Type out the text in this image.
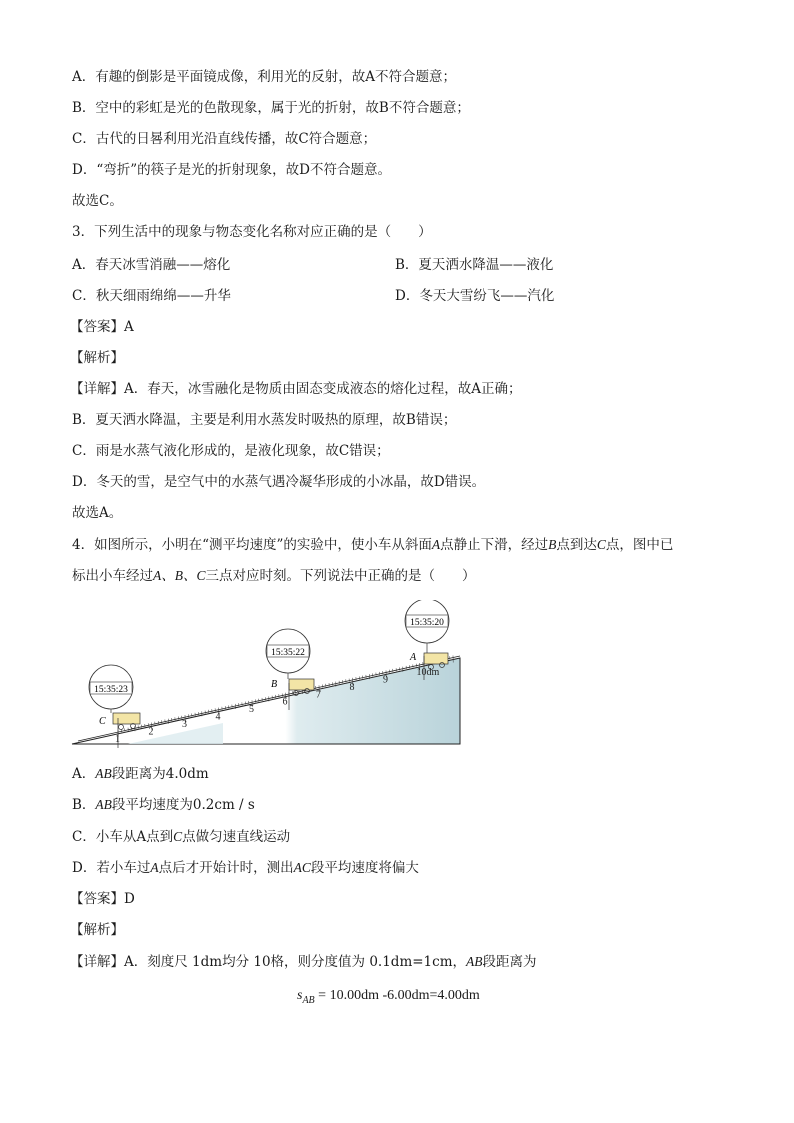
A．有趣的倒影是平面镜成像，利用光的反射，故A不符合题意；
B．空中的彩虹是光的色散现象，属于光的折射，故B不符合题意；
C．古代的日晷利用光沿直线传播，故C符合题意；
D．“弯折”的筷子是光的折射现象，故D不符合题意。
故选C。
3．下列生活中的现象与物态变化名称对应正确的是（　　）
A．春天冰雪消融——熔化	B．夏天洒水降温——液化
C．秋天细雨绵绵——升华	D．冬天大雪纷飞——汽化
【答案】A
【解析】
【详解】A．春天，冰雪融化是物质由固态变成液态的熔化过程，故A正确；
B．夏天洒水降温，主要是利用水蒸发时吸热的原理，故B错误；
C．雨是水蒸气液化形成的，是液化现象，故C错误；
D．冬天的雪，是空气中的水蒸气遇冷凝华形成的小冰晶，故D错误。
故选A。
4．如图所示，小明在“测平均速度”的实验中，使小车从斜面A点静止下滑，经过B点到达C点，图中已
标出小车经过A、B、C三点对应时刻。下列说法中正确的是（　　）
1
2
3
4
5
6
7
8
9
10dm
C
15:35:23	B
15:35:22	A
15:35:20
A．AB段距离为4.0dm
B．AB段平均速度为0.2cm / s
C．小车从A点到C点做匀速直线运动
D．若小车过A点后才开始计时，测出AC段平均速度将偏大
【答案】D
【解析】
【详解】A．刻度尺 1dm均分 10格，则分度值为 0.1dm=1cm，AB段距离为
$s_{AB} = 10.00dm$ -6.00dm=4.00dm
